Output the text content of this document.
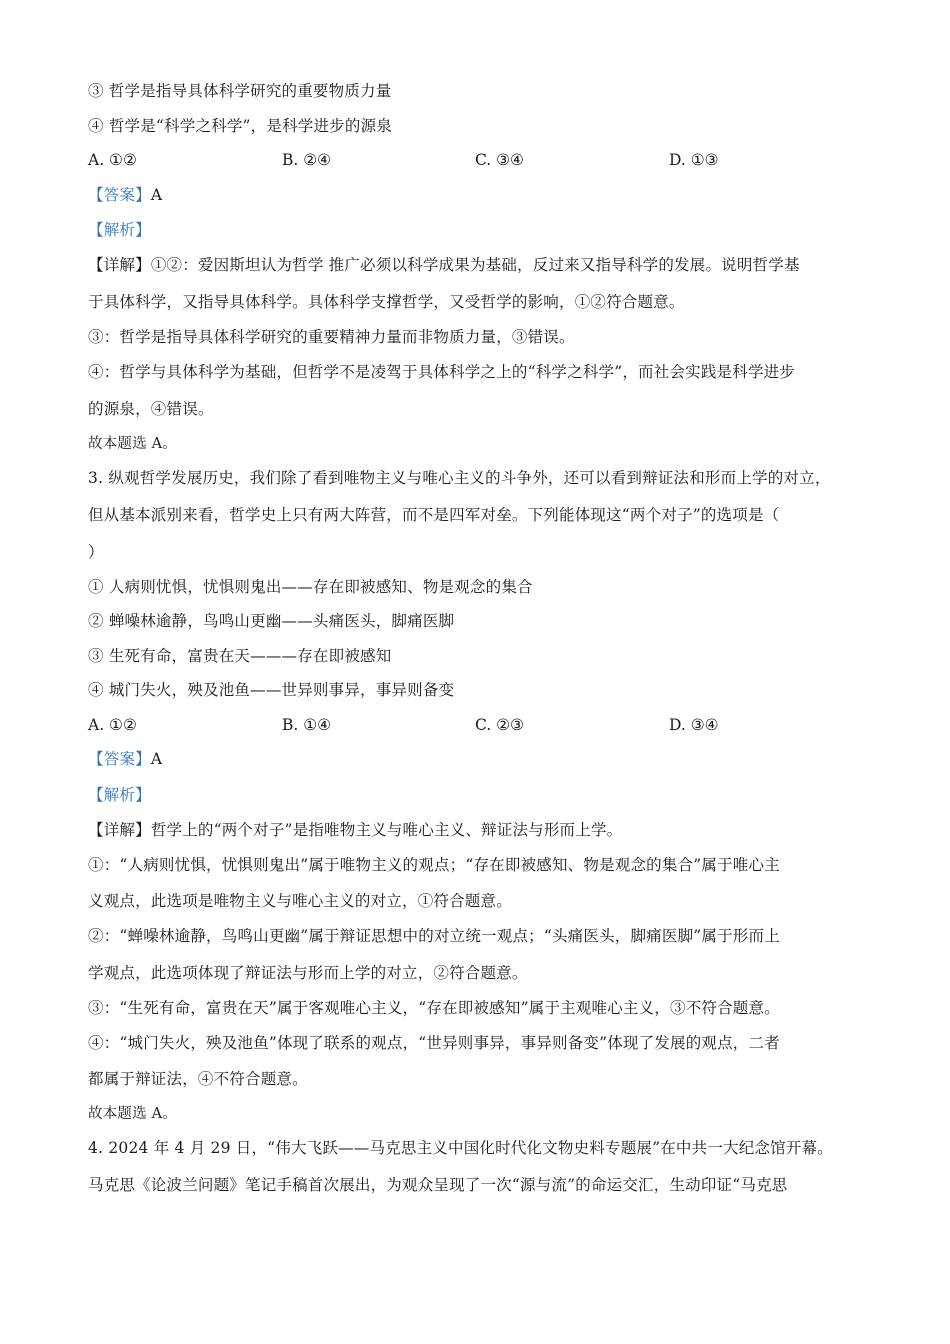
③ 哲学是指导具体科学研究的重要物质力量
④ 哲学是“科学之科学”，是科学进步的源泉
A. ①②	B. ②④	C. ③④	D. ①③
【答案】A
【解析】
【详解】①②：爱因斯坦认为哲学 推广必须以科学成果为基础，反过来又指导科学的发展。说明哲学基
于具体科学，又指导具体科学。具体科学支撑哲学，又受哲学的影响，①②符合题意。
③：哲学是指导具体科学研究的重要精神力量而非物质力量，③错误。
④：哲学与具体科学为基础，但哲学不是凌驾于具体科学之上的“科学之科学”，而社会实践是科学进步
的源泉，④错误。
故本题选 A。
3. 纵观哲学发展历史，我们除了看到唯物主义与唯心主义的斗争外，还可以看到辩证法和形而上学的对立，
但从基本派别来看，哲学史上只有两大阵营，而不是四军对垒。下列能体现这“两个对子”的选项是（
）
① 人病则忧惧，忧惧则鬼出——存在即被感知、物是观念的集合
② 蝉噪林逾静，鸟鸣山更幽——头痛医头，脚痛医脚
③ 生死有命，富贵在天———存在即被感知
④ 城门失火，殃及池鱼——世异则事异，事异则备变
A. ①②	B. ①④	C. ②③	D. ③④
【答案】A
【解析】
【详解】哲学上的“两个对子”是指唯物主义与唯心主义、辩证法与形而上学。
①：“人病则忧惧，忧惧则鬼出”属于唯物主义的观点；“存在即被感知、物是观念的集合”属于唯心主
义观点，此选项是唯物主义与唯心主义的对立，①符合题意。
②：“蝉噪林逾静，鸟鸣山更幽”属于辩证思想中的对立统一观点；“头痛医头，脚痛医脚”属于形而上
学观点，此选项体现了辩证法与形而上学的对立，②符合题意。
③：“生死有命，富贵在天”属于客观唯心主义，“存在即被感知”属于主观唯心主义，③不符合题意。
④：“城门失火，殃及池鱼”体现了联系的观点，“世异则事异，事异则备变”体现了发展的观点，二者
都属于辩证法，④不符合题意。
故本题选 A。
4. 2024 年 4 月 29 日，“伟大飞跃——马克思主义中国化时代化文物史料专题展”在中共一大纪念馆开幕。
马克思《论波兰问题》笔记手稿首次展出，为观众呈现了一次“源与流”的命运交汇，生动印证“马克思
